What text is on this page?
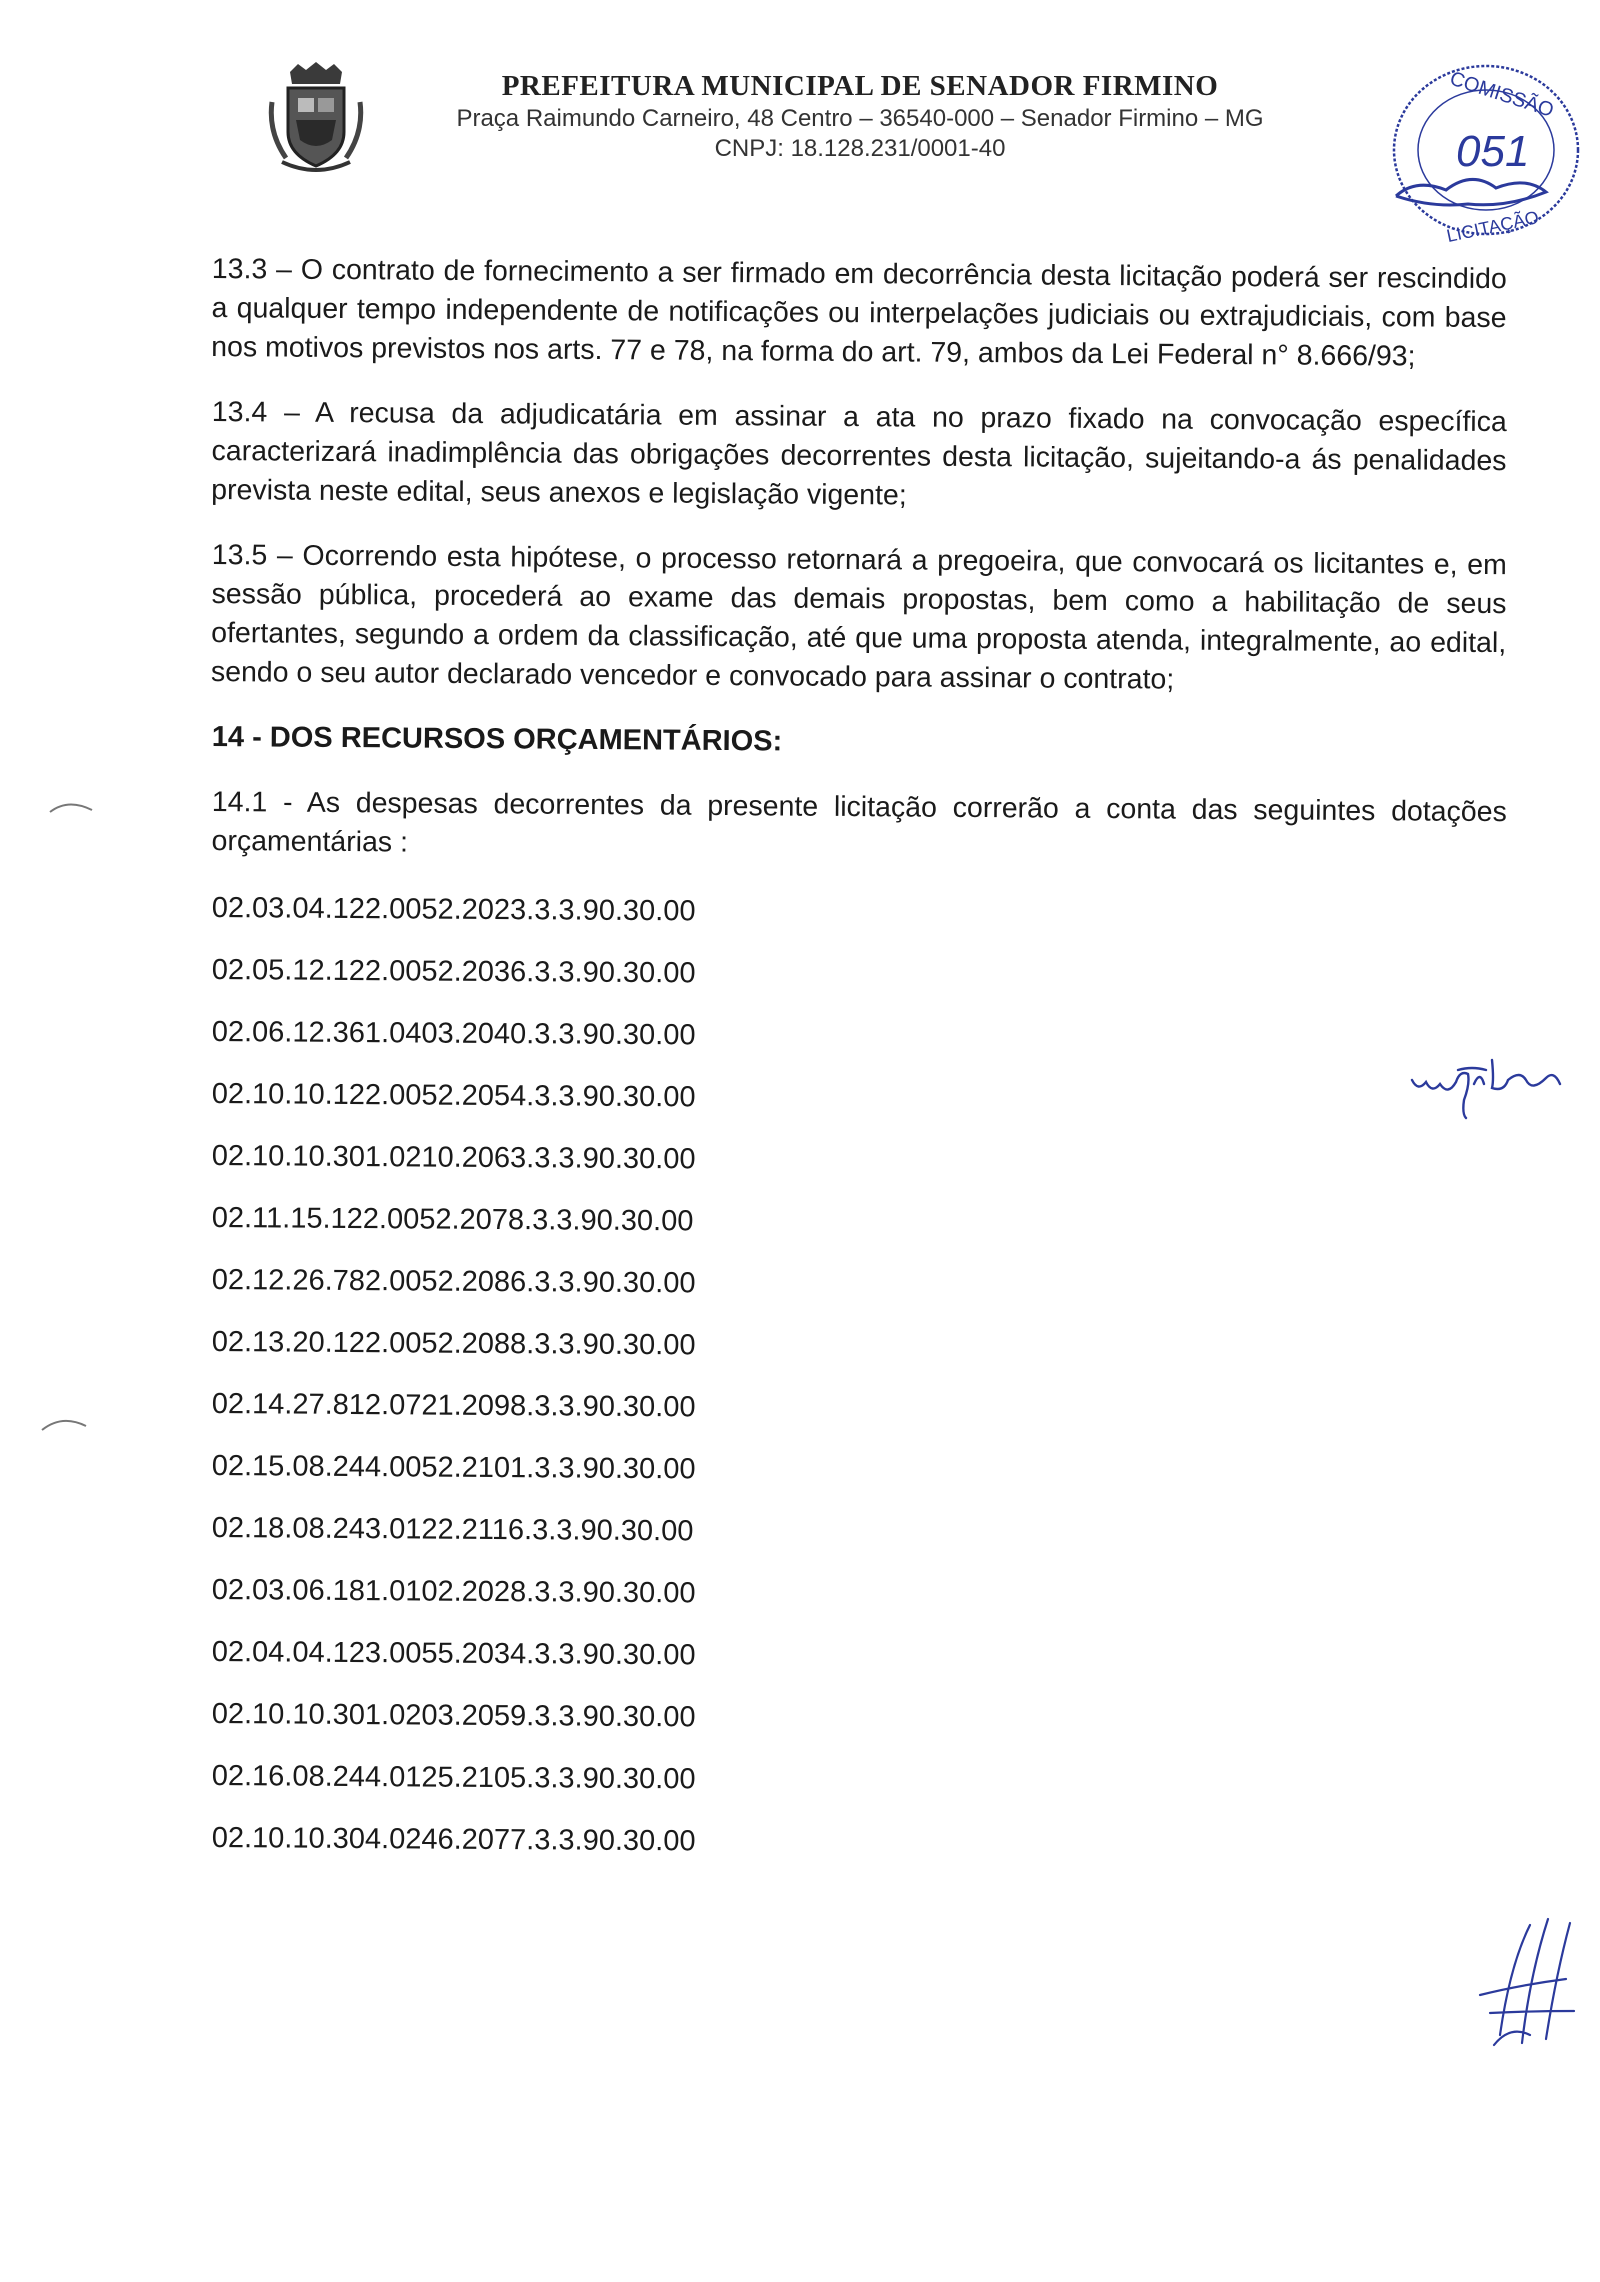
PREFEITURA MUNICIPAL DE SENADOR FIRMINO
Praça Raimundo Carneiro, 48 Centro – 36540-000 – Senador Firmino – MG
CNPJ: 18.128.231/0001-40
COMISSÃO
051
LICITAÇÃO

13.3 – O contrato de fornecimento a ser firmado em decorrência desta licitação poderá ser rescindido a qualquer tempo independente de notificações ou interpelações judiciais ou extrajudiciais, com base nos motivos previstos nos arts. 77 e 78, na forma do art. 79, ambos da Lei Federal n° 8.666/93;

13.4 – A recusa da adjudicatária em assinar a ata no prazo fixado na convocação específica caracterizará inadimplência das obrigações decorrentes desta licitação, sujeitando-a ás penalidades prevista neste edital, seus anexos e legislação vigente;

13.5 – Ocorrendo esta hipótese, o processo retornará a pregoeira, que convocará os licitantes e, em sessão pública, procederá ao exame das demais propostas, bem como a habilitação de seus ofertantes, segundo a ordem da classificação, até que uma proposta atenda, integralmente, ao edital, sendo o seu autor declarado vencedor e convocado para assinar o contrato;

14 - DOS RECURSOS ORÇAMENTÁRIOS:

14.1 - As despesas decorrentes da presente licitação correrão a conta das seguintes dotações orçamentárias :

02.03.04.122.0052.2023.3.3.90.30.00
02.05.12.122.0052.2036.3.3.90.30.00
02.06.12.361.0403.2040.3.3.90.30.00
02.10.10.122.0052.2054.3.3.90.30.00
02.10.10.301.0210.2063.3.3.90.30.00
02.11.15.122.0052.2078.3.3.90.30.00
02.12.26.782.0052.2086.3.3.90.30.00
02.13.20.122.0052.2088.3.3.90.30.00
02.14.27.812.0721.2098.3.3.90.30.00
02.15.08.244.0052.2101.3.3.90.30.00
02.18.08.243.0122.2116.3.3.90.30.00
02.03.06.181.0102.2028.3.3.90.30.00
02.04.04.123.0055.2034.3.3.90.30.00
02.10.10.301.0203.2059.3.3.90.30.00
02.16.08.244.0125.2105.3.3.90.30.00
02.10.10.304.0246.2077.3.3.90.30.00
